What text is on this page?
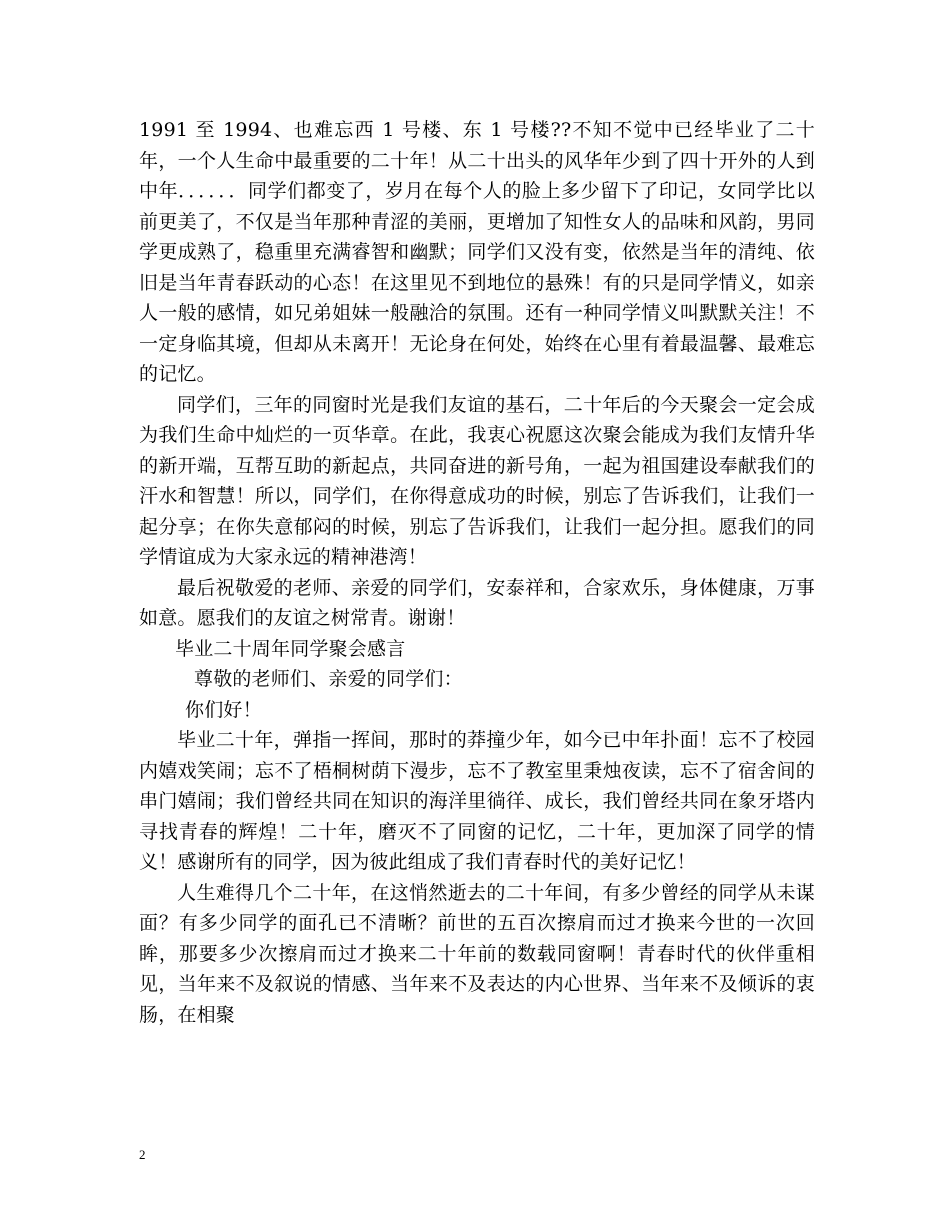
1991 至 1994、也难忘西 1 号楼、东 1 号楼??不知不觉中已经毕业了二十年，一个人生命中最重要的二十年！从二十出头的风华年少到了四十开外的人到中年．．．．．．同学们都变了，岁月在每个人的脸上多少留下了印记，女同学比以前更美了，不仅是当年那种青涩的美丽，更增加了知性女人的品味和风韵，男同学更成熟了，稳重里充满睿智和幽默；同学们又没有变，依然是当年的清纯、依旧是当年青春跃动的心态！在这里见不到地位的悬殊！有的只是同学情义，如亲人一般的感情，如兄弟姐妹一般融洽的氛围。还有一种同学情义叫默默关注！不一定身临其境，但却从未离开！无论身在何处，始终在心里有着最温馨、最难忘的记忆。

同学们，三年的同窗时光是我们友谊的基石，二十年后的今天聚会一定会成为我们生命中灿烂的一页华章。在此，我衷心祝愿这次聚会能成为我们友情升华的新开端，互帮互助的新起点，共同奋进的新号角，一起为祖国建设奉献我们的汗水和智慧！所以，同学们，在你得意成功的时候，别忘了告诉我们，让我们一起分享；在你失意郁闷的时候，别忘了告诉我们，让我们一起分担。愿我们的同学情谊成为大家永远的精神港湾！

最后祝敬爱的老师、亲爱的同学们，安泰祥和，合家欢乐，身体健康，万事如意。愿我们的友谊之树常青。谢谢！

毕业二十周年同学聚会感言

尊敬的老师们、亲爱的同学们：

你们好！

毕业二十年，弹指一挥间，那时的莽撞少年，如今已中年扑面！忘不了校园内嬉戏笑闹；忘不了梧桐树荫下漫步，忘不了教室里秉烛夜读，忘不了宿舍间的串门嬉闹；我们曾经共同在知识的海洋里徜徉、成长，我们曾经共同在象牙塔内寻找青春的辉煌！二十年，磨灭不了同窗的记忆，二十年，更加深了同学的情义！感谢所有的同学，因为彼此组成了我们青春时代的美好记忆！

人生难得几个二十年，在这悄然逝去的二十年间，有多少曾经的同学从未谋面？有多少同学的面孔已不清晰？前世的五百次擦肩而过才换来今世的一次回眸，那要多少次擦肩而过才换来二十年前的数载同窗啊！青春时代的伙伴重相见，当年来不及叙说的情感、当年来不及表达的内心世界、当年来不及倾诉的衷肠，在相聚

2
